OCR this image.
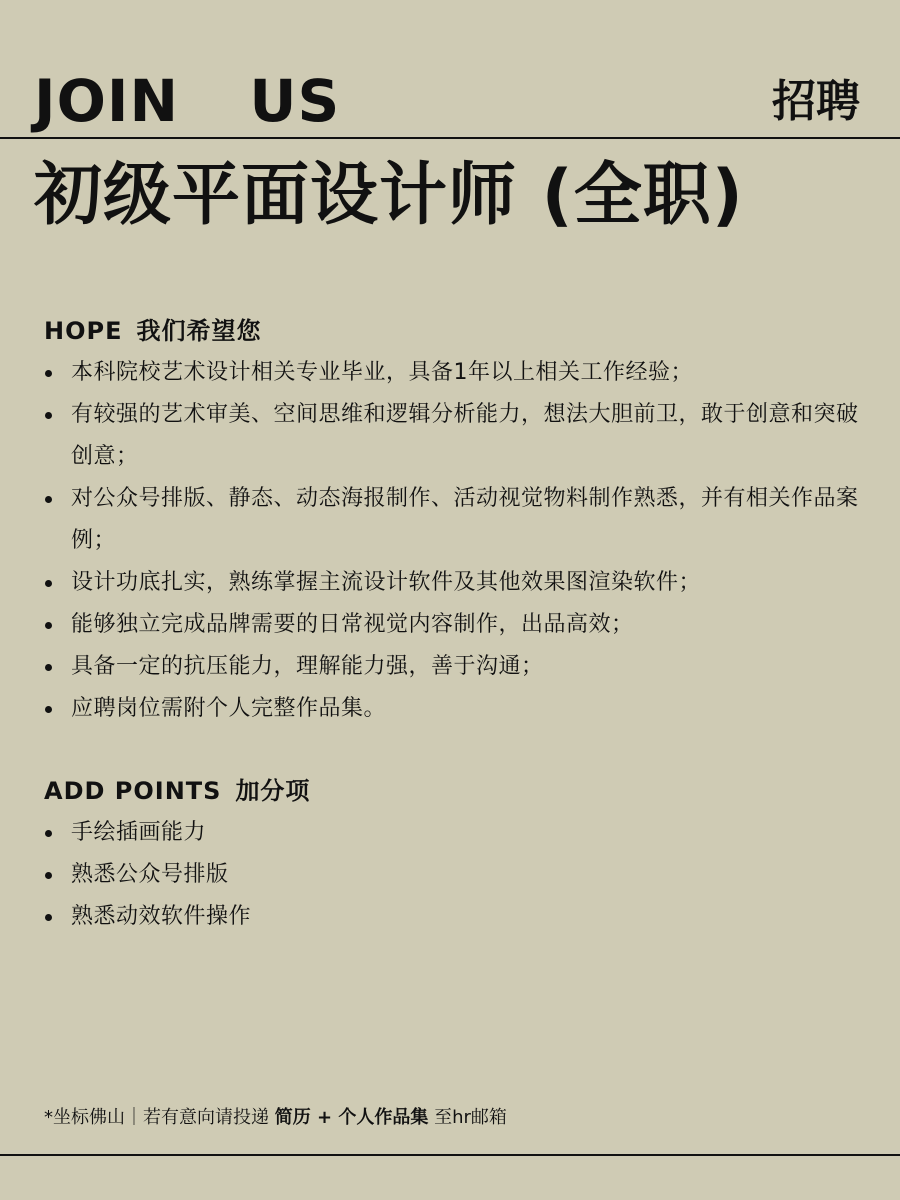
JOIN  US	招聘
初级平面设计师 (全职)
HOPE 我们希望您
本科院校艺术设计相关专业毕业，具备1年以上相关工作经验；
有较强的艺术审美、空间思维和逻辑分析能力，想法大胆前卫，敢于创意和突破创意；
对公众号排版、静态、动态海报制作、活动视觉物料制作熟悉，并有相关作品案例；
设计功底扎实，熟练掌握主流设计软件及其他效果图渲染软件；
能够独立完成品牌需要的日常视觉内容制作，出品高效；
具备一定的抗压能力，理解能力强，善于沟通；
应聘岗位需附个人完整作品集。
ADD POINTS 加分项
手绘插画能力
熟悉公众号排版
熟悉动效软件操作
*坐标佛山｜若有意向请投递 简历 + 个人作品集 至hr邮箱
